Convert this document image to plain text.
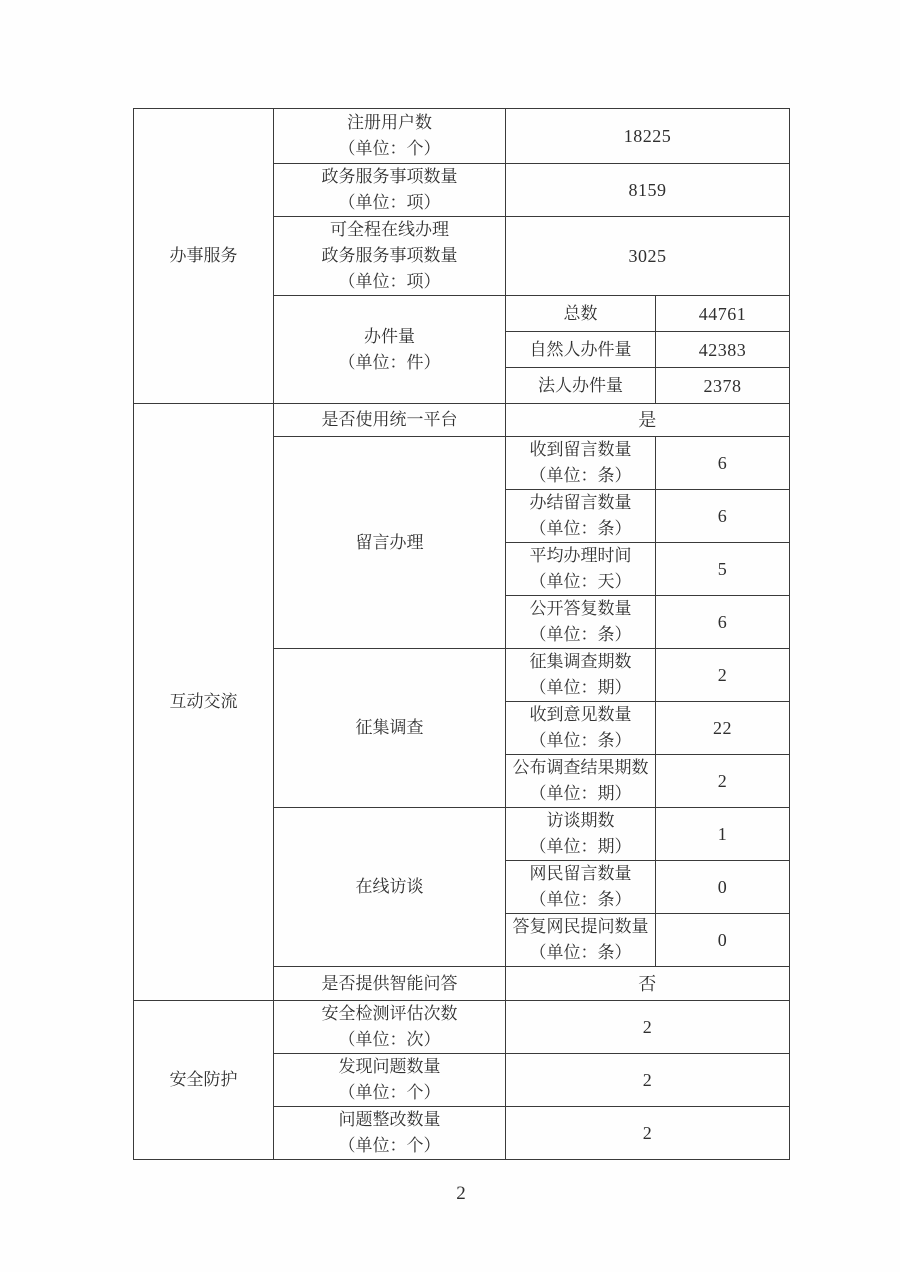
办事服务	注册用户数
（单位：个）	18225	

	政务服务事项数量
（单位：项）	8159	

	可全程在线办理
政务服务事项数量
（单位：项）	3025	

	办件量
（单位：件）	总数	44761
		自然人办件量	42383
		法人办件量	2378
互动交流	是否使用统一平台	是	
	留言办理	收到留言数量
（单位：条）	6

		办结留言数量
（单位：条）	6

		平均办理时间
（单位：天）	5

		公开答复数量
（单位：条）	6
	征集调查	征集调查期数
（单位：期）	2

		收到意见数量
（单位：条）	22

		公布调查结果期数
（单位：期）	2
	在线访谈	访谈期数
（单位：期）	1

		网民留言数量
（单位：条）	0

		答复网民提问数量
（单位：条）	0
	是否提供智能问答	否	
安全防护	安全检测评估次数
（单位：次）	2	

	发现问题数量
（单位：个）	2	

	问题整改数量
（单位：个）	2	
2
